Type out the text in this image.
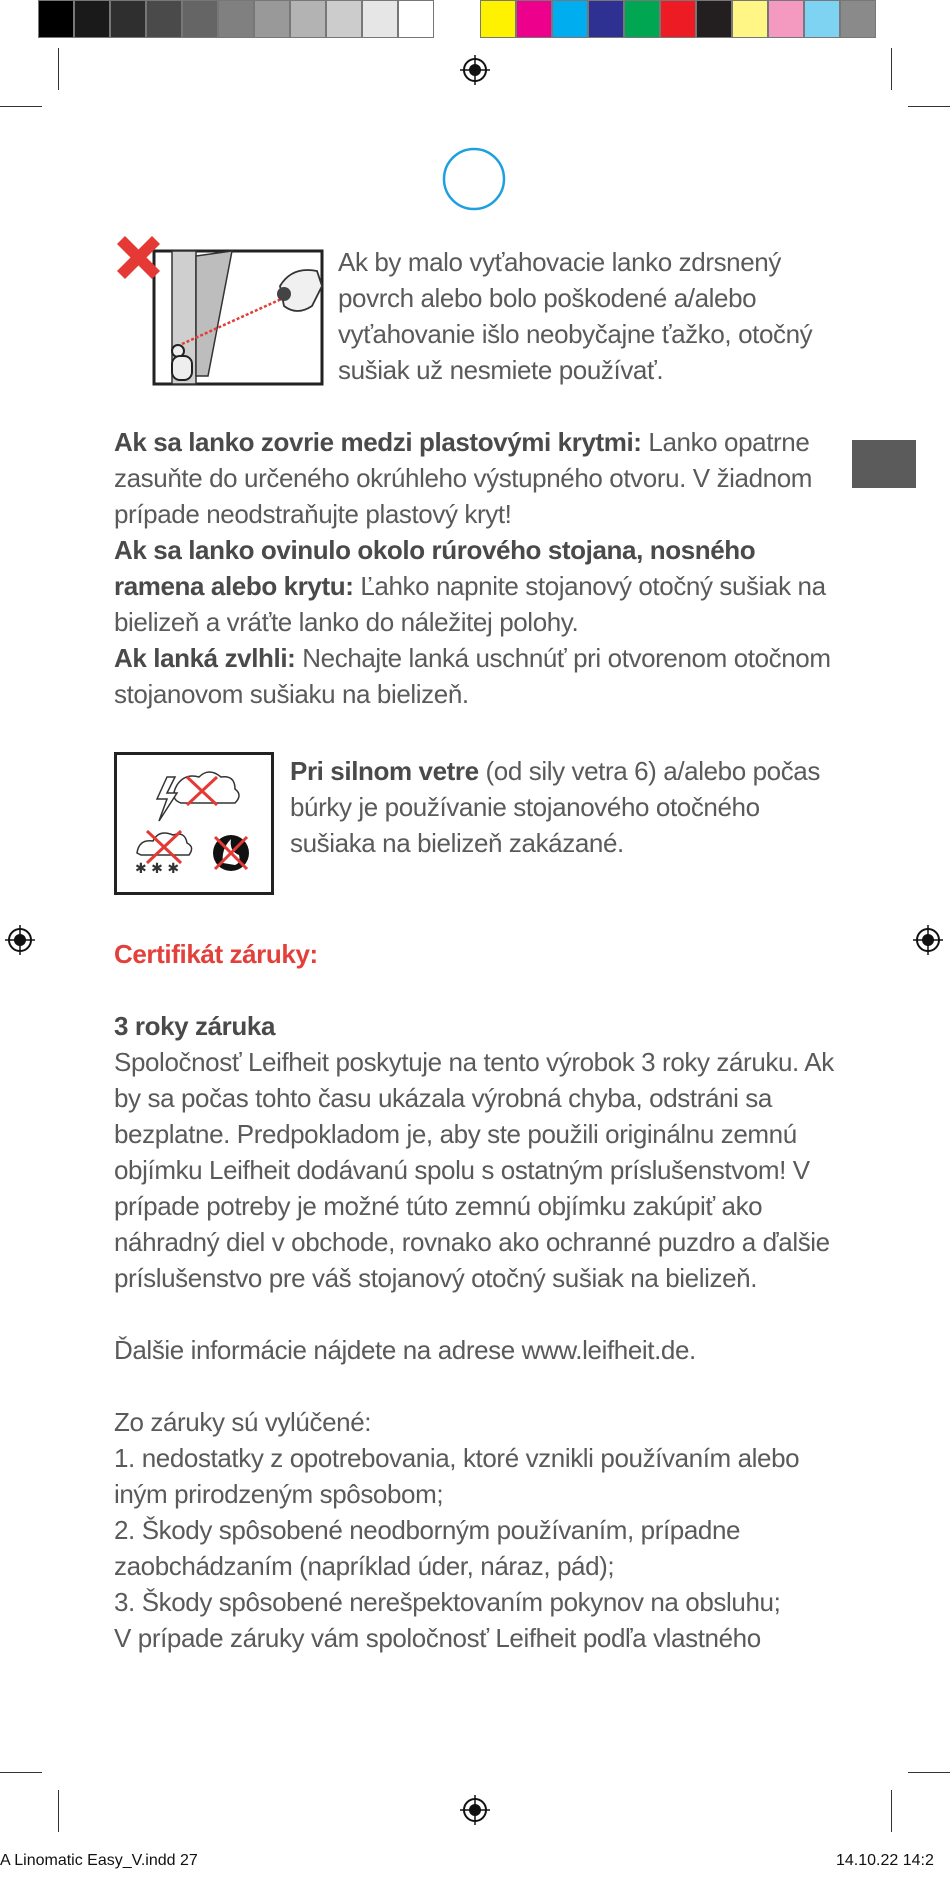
Ak by malo vyťahovacie lanko zdrsnený povrch alebo bolo poškodené a/alebo vyťahovanie išlo neobyčajne ťažko, otočný sušiak už nesmiete používať.

Ak sa lanko zovrie medzi plastovými krytmi: Lanko opatrne zasuňte do určeného okrúhleho výstupného otvoru. V žiadnom prípade neodstraňujte plastový kryt!

Ak sa lanko ovinulo okolo rúrového stojana, nosného ramena alebo krytu: Ľahko napnite stojanový otočný sušiak na bielizeň a vráťte lanko do náležitej polohy.

Ak lanká zvlhli: Nechajte lanká uschnúť pri otvorenom otočnom stojanovom sušiaku na bielizeň.

✱ ✱ ✱

Pri silnom vetre (od sily vetra 6) a/alebo počas búrky je používanie stojanového otočného sušiaka na bielizeň zakázané.

Certifikát záruky:

3 roky záruka

Spoločnosť Leifheit poskytuje na tento výrobok 3 roky záruku. Ak by sa počas tohto času ukázala výrobná chyba, odstráni sa bezplatne. Predpokladom je, aby ste použili originálnu zemnú objímku Leifheit dodávanú spolu s ostatným príslušenstvom! V prípade potreby je možné túto zemnú objímku zakúpiť ako náhradný diel v obchode, rovnako ako ochranné puzdro a ďalšie príslušenstvo pre váš stojanový otočný sušiak na bielizeň.

Ďalšie informácie nájdete na adrese www.leifheit.de.

Zo záruky sú vylúčené:

1. nedostatky z opotrebovania, ktoré vznikli používaním alebo iným prirodzeným spôsobom;

2. Škody spôsobené neodborným používaním, prípadne zaobchádzaním (napríklad úder, náraz, pád);

3. Škody spôsobené nerešpektovaním pokynov na obsluhu;

V prípade záruky vám spoločnosť Leifheit podľa vlastného

A Linomatic Easy_V.indd 27	14.10.22 14:2
